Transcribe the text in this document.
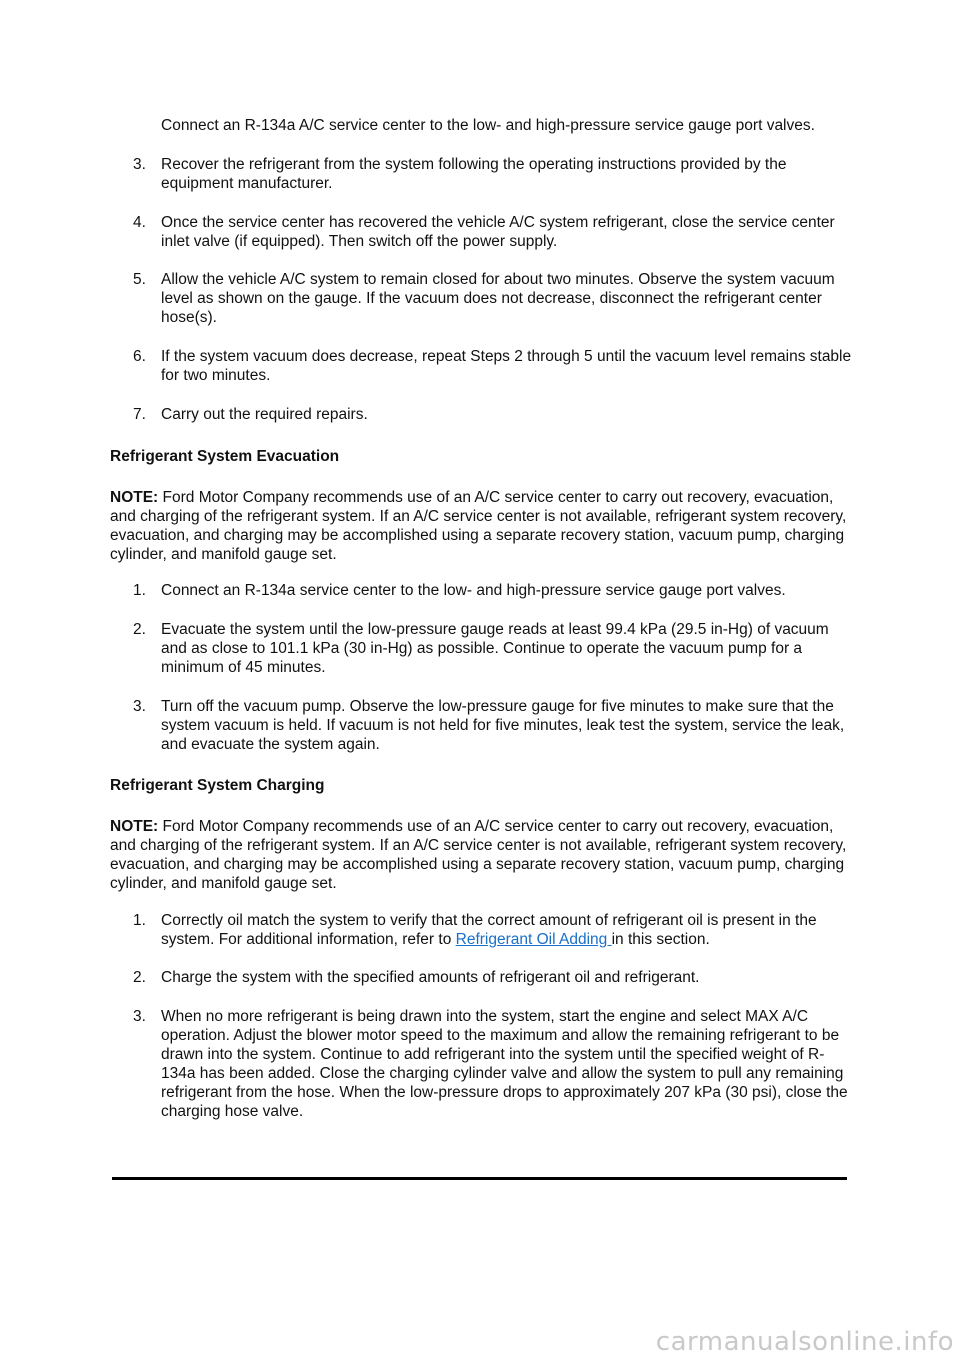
Connect an R-134a A/C service center to the low- and high-pressure service gauge port valves.
3. Recover the refrigerant from the system following the operating instructions provided by the equipment manufacturer.
4. Once the service center has recovered the vehicle A/C system refrigerant, close the service center inlet valve (if equipped). Then switch off the power supply.
5. Allow the vehicle A/C system to remain closed for about two minutes. Observe the system vacuum level as shown on the gauge. If the vacuum does not decrease, disconnect the refrigerant center hose(s).
6. If the system vacuum does decrease, repeat Steps 2 through 5 until the vacuum level remains stable for two minutes.
7. Carry out the required repairs.
Refrigerant System Evacuation
NOTE: Ford Motor Company recommends use of an A/C service center to carry out recovery, evacuation, and charging of the refrigerant system. If an A/C service center is not available, refrigerant system recovery, evacuation, and charging may be accomplished using a separate recovery station, vacuum pump, charging cylinder, and manifold gauge set.
1. Connect an R-134a service center to the low- and high-pressure service gauge port valves.
2. Evacuate the system until the low-pressure gauge reads at least 99.4 kPa (29.5 in-Hg) of vacuum and as close to 101.1 kPa (30 in-Hg) as possible. Continue to operate the vacuum pump for a minimum of 45 minutes.
3. Turn off the vacuum pump. Observe the low-pressure gauge for five minutes to make sure that the system vacuum is held. If vacuum is not held for five minutes, leak test the system, service the leak, and evacuate the system again.
Refrigerant System Charging
NOTE: Ford Motor Company recommends use of an A/C service center to carry out recovery, evacuation, and charging of the refrigerant system. If an A/C service center is not available, refrigerant system recovery, evacuation, and charging may be accomplished using a separate recovery station, vacuum pump, charging cylinder, and manifold gauge set.
1. Correctly oil match the system to verify that the correct amount of refrigerant oil is present in the system. For additional information, refer to Refrigerant Oil Adding in this section.
2. Charge the system with the specified amounts of refrigerant oil and refrigerant.
3. When no more refrigerant is being drawn into the system, start the engine and select MAX A/C operation. Adjust the blower motor speed to the maximum and allow the remaining refrigerant to be drawn into the system. Continue to add refrigerant into the system until the specified weight of R-134a has been added. Close the charging cylinder valve and allow the system to pull any remaining refrigerant from the hose. When the low-pressure drops to approximately 207 kPa (30 psi), close the charging hose valve.
carmanualsonline.info
